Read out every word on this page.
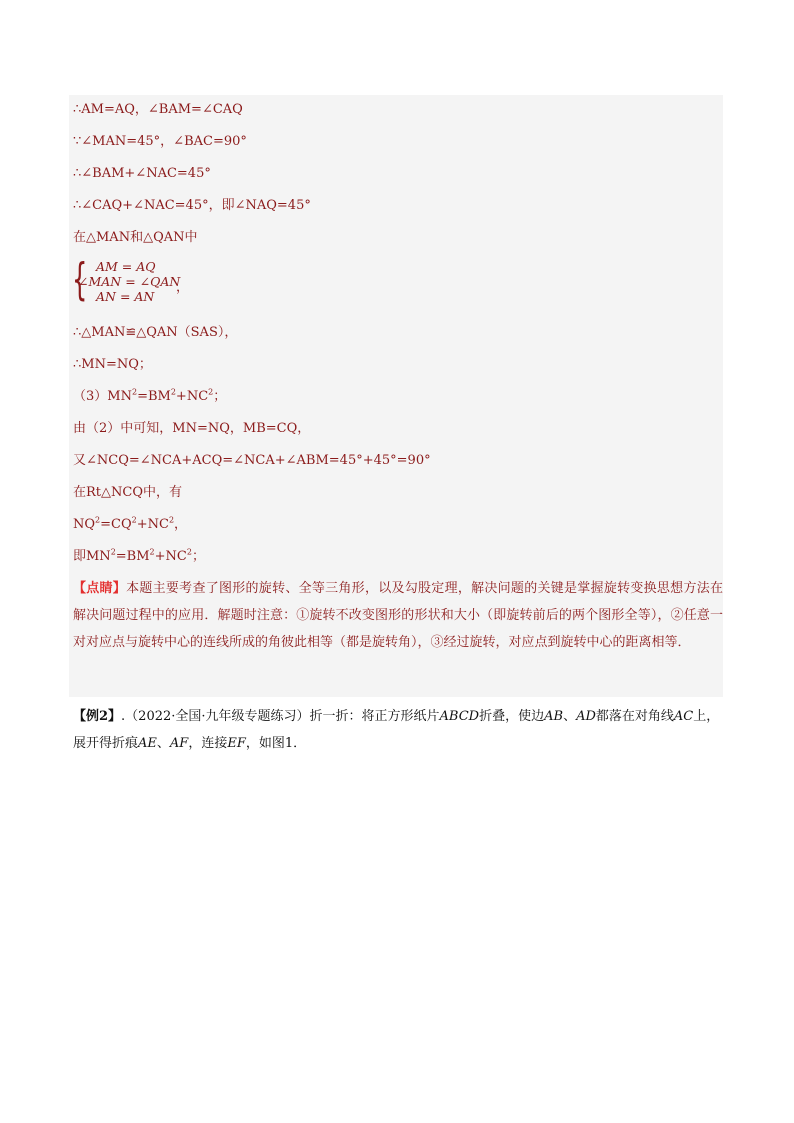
∴AM=AQ，∠BAM=∠CAQ
∵∠MAN=45°，∠BAC=90°
∴∠BAM+∠NAC=45°
∴∠CAQ+∠NAC=45°，即∠NAQ=45°
在△MAN和△QAN中
{ AM = AQ
∠MAN = ∠QAN
AN = AN
，
∴△MAN≌△QAN（SAS），
∴MN=NQ；
$(3)MN^2=BM^2+NC^2$；
由（2）中可知，MN=NQ，MB=CQ，
又∠NCQ=∠NCA+ACQ=∠NCA+∠ABM=45°+45°=90°
在Rt△NCQ中，有
$NQ^2=CQ^2+NC^2$，
即$MN^2=BM^2+NC^2$；
【点睛】本题主要考查了图形的旋转、全等三角形，以及勾股定理，解决问题的关键是掌握旋转变换思想方法在解决问题过程中的应用．解题时注意：①旋转不改变图形的形状和大小（即旋转前后的两个图形全等），②任意一对对应点与旋转中心的连线所成的角彼此相等（都是旋转角），③经过旋转，对应点到旋转中心的距离相等．
【例2】.（2022·全国·九年级专题练习）折一折：将正方形纸片ABCD折叠，使边AB、AD都落在对角线AC上，展开得折痕AE、AF，连接EF，如图1．
